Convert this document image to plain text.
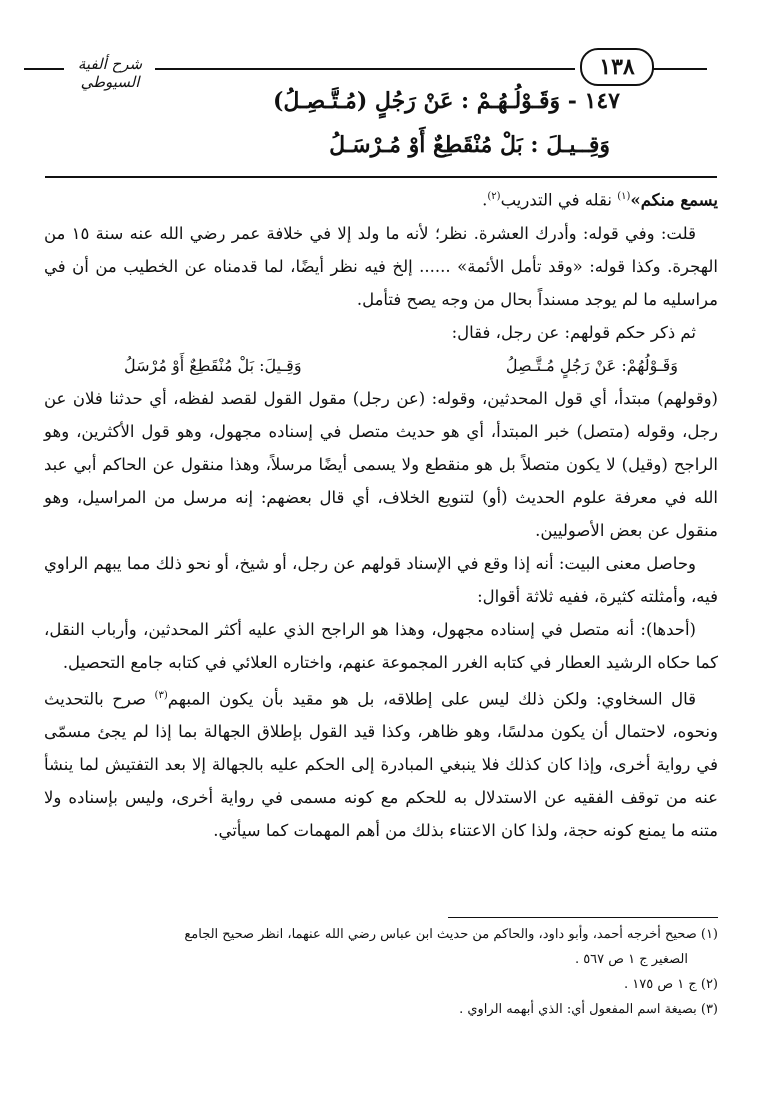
شرح ألفية السيوطي
١٣٨
١٤٧ - وَقَـوْلُـهُـمْ : عَنْ رَجُلٍ (مُـتَّـصِـلُ)
وَقِــيـلَ : بَلْ مُنْقَطِعٌ أَوْ مُـرْسَـلُ

يسمع منكم»$^{(١)}$ نقله في التدريب$^{(٢)}$.

قلت: وفي قوله: وأدرك العشرة. نظر؛ لأنه ما ولد إلا في خلافة عمر رضي الله عنه سنة ١٥ من الهجرة. وكذا قوله: «وقد تأمل الأئمة» ...... إلخ فيه نظر أيضًا، لما قدمناه عن الخطيب من أن في مراسليه ما لم يوجد مسنداً بحال من وجه يصح فتأمل.

ثم ذكر حكم قولهم: عن رجل، فقال:

وَقَـوْلُهُمْ: عَنْ رَجُلٍ مُـتَّـصِلُ
وَقِـيلَ: بَلْ مُنْقَطِعٌ أَوْ مُرْسَلُ

(وقولهم) مبتدأ، أي قول المحدثين، وقوله: (عن رجل) مقول القول لقصد لفظه، أي حدثنا فلان عن رجل، وقوله (متصل) خبر المبتدأ، أي هو حديث متصل في إسناده مجهول، وهو قول الأكثرين، وهو الراجح (وقيل) لا يكون متصلاً بل هو منقطع ولا يسمى أيضًا مرسلاً، وهذا منقول عن الحاكم أبي عبد الله في معرفة علوم الحديث (أو) لتنويع الخلاف، أي قال بعضهم: إنه مرسل من المراسيل، وهو منقول عن بعض الأصوليين.

وحاصل معنى البيت: أنه إذا وقع في الإسناد قولهم عن رجل، أو شيخ، أو نحو ذلك مما يبهم الراوي فيه، وأمثلته كثيرة، ففيه ثلاثة أقوال:

(أحدها): أنه متصل في إسناده مجهول، وهذا هو الراجح الذي عليه أكثر المحدثين، وأرباب النقل، كما حكاه الرشيد العطار في كتابه الغرر المجموعة عنهم، واختاره العلائي في كتابه جامع التحصيل.

قال السخاوي: ولكن ذلك ليس على إطلاقه، بل هو مقيد بأن يكون المبهم$^{(٣)}$ صرح بالتحديث ونحوه، لاحتمال أن يكون مدلسًا، وهو ظاهر، وكذا قيد القول بإطلاق الجهالة بما إذا لم يجئ مسمّى في رواية أخرى، وإذا كان كذلك فلا ينبغي المبادرة إلى الحكم عليه بالجهالة إلا بعد التفتيش لما ينشأ عنه من توقف الفقيه عن الاستدلال به للحكم مع كونه مسمى في رواية أخرى، وليس بإسناده ولا متنه ما يمنع كونه حجة، ولذا كان الاعتناء بذلك من أهم المهمات كما سيأتي.

(١) صحيح أخرجه أحمد، وأبو داود، والحاكم من حديث ابن عباس رضي الله عنهما، انظر صحيح الجامع

الصغير ج ١ ص ٥٦٧ .

(٢) ج ١ ص ١٧٥ .

(٣) بصيغة اسم المفعول أي: الذي أبهمه الراوي .
